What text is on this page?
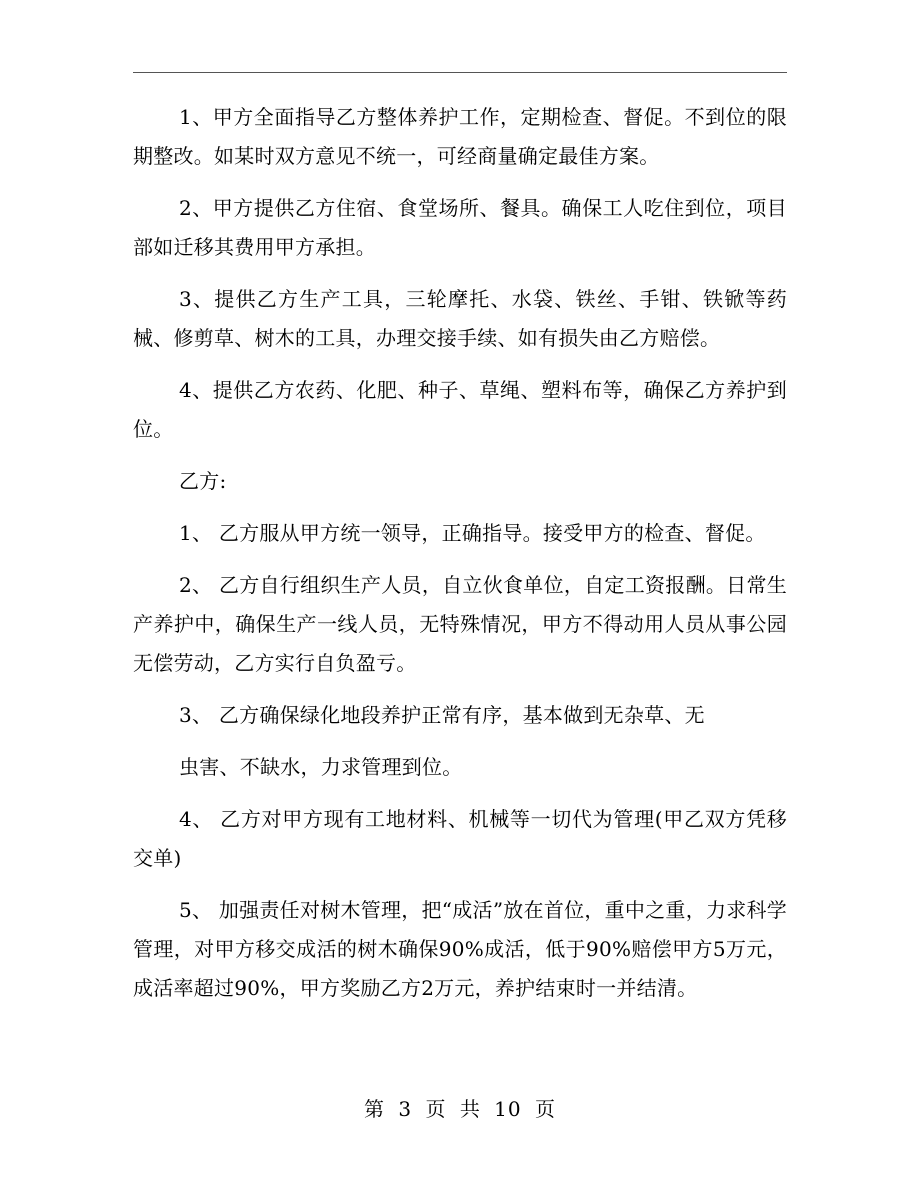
1、甲方全面指导乙方整体养护工作，定期检查、督促。不到位的限期整改。如某时双方意见不统一，可经商量确定最佳方案。

2、甲方提供乙方住宿、食堂场所、餐具。确保工人吃住到位，项目部如迁移其费用甲方承担。

3、提供乙方生产工具，三轮摩托、水袋、铁丝、手钳、铁锨等药械、修剪草、树木的工具，办理交接手续、如有损失由乙方赔偿。

4、提供乙方农药、化肥、种子、草绳、塑料布等，确保乙方养护到位。

乙方:

1、 乙方服从甲方统一领导，正确指导。接受甲方的检查、督促。

2、 乙方自行组织生产人员，自立伙食单位，自定工资报酬。日常生产养护中，确保生产一线人员，无特殊情况，甲方不得动用人员从事公园无偿劳动，乙方实行自负盈亏。

3、 乙方确保绿化地段养护正常有序，基本做到无杂草、无

虫害、不缺水，力求管理到位。

4、 乙方对甲方现有工地材料、机械等一切代为管理(甲乙双方凭移交单)

5、 加强责任对树木管理，把“成活”放在首位，重中之重，力求科学管理，对甲方移交成活的树木确保90%成活，低于90%赔偿甲方5万元，成活率超过90%，甲方奖励乙方2万元，养护结束时一并结清。

第 3 页 共 10 页
